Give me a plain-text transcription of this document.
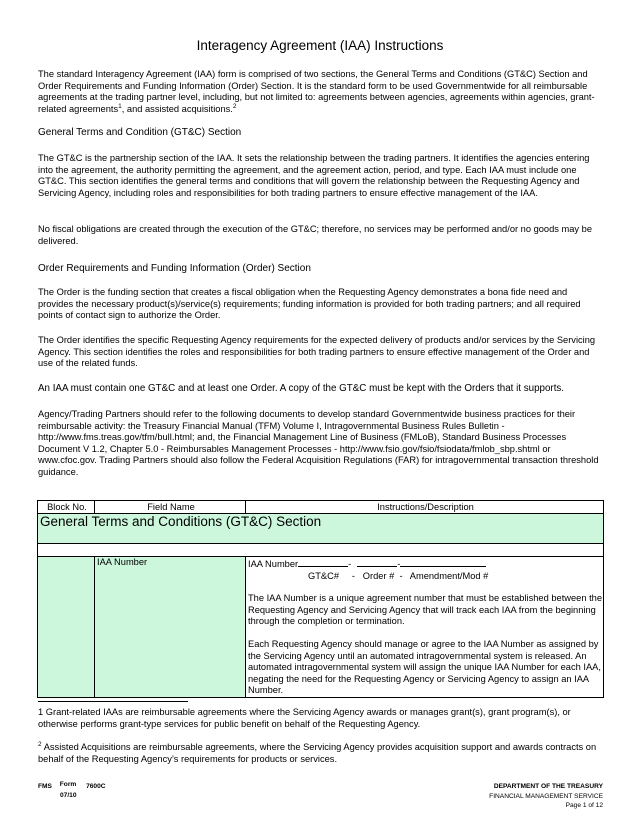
Interagency Agreement (IAA) Instructions
The standard Interagency Agreement (IAA) form is comprised of two sections, the General Terms and Conditions (GT&C) Section and Order Requirements and Funding Information (Order) Section. It is the standard form to be used Governmentwide for all reimbursable agreements at the trading partner level, including, but not limited to: agreements between agencies, agreements within agencies, grant-related agreements$^1$, and assisted acquisitions.$^2$
General Terms and Condition (GT&C) Section
The GT&C is the partnership section of the IAA. It sets the relationship between the trading partners. It identifies the agencies entering into the agreement, the authority permitting the agreement, and the agreement action, period, and type. Each IAA must include one GT&C. This section identifies the general terms and conditions that will govern the relationship between the Requesting Agency and Servicing Agency, including roles and responsibilities for both trading partners to ensure effective management of the IAA.
No fiscal obligations are created through the execution of the GT&C; therefore, no services may be performed and/or no goods may be delivered.
Order Requirements and Funding Information (Order) Section
The Order is the funding section that creates a fiscal obligation when the Requesting Agency demonstrates a bona fide need and provides the necessary product(s)/service(s) requirements; funding information is provided for both trading partners; and all required points of contact sign to authorize the Order.
The Order identifies the specific Requesting Agency requirements for the expected delivery of products and/or services by the Servicing Agency. This section identifies the roles and responsibilities for both trading partners to ensure effective management of the Order and use of the related funds.
An IAA must contain one GT&C and at least one Order. A copy of the GT&C must be kept with the Orders that it supports.
Agency/Trading Partners should refer to the following documents to develop standard Governmentwide business practices for their reimbursable activity: the Treasury Financial Manual (TFM) Volume I, Intragovernmental Business Rules Bulletin - http://www.fms.treas.gov/tfm/bull.html; and, the Financial Management Line of Business (FMLoB), Standard Business Processes Document V 1.2, Chapter 5.0 - Reimbursables Management Processes - http://www.fsio.gov/fsio/fsiodata/fmlob_sbp.shtml or www.cfoc.gov. Trading Partners should also follow the Federal Acquisition Regulations (FAR) for intragovernmental transaction threshold guidance.
Block No.	Field Name	Instructions/Description
General Terms and Conditions (GT&C) Section		

	IAA Number	IAA Number - -
GT&C#     -   Order #  -   Amendment/Mod #
The IAA Number is a unique agreement number that must be established between the Requesting Agency and Servicing Agency that will track each IAA from the beginning through the completion or termination.
Each Requesting Agency should manage or agree to the IAA Number as assigned by the Servicing Agency until an automated intragovernmental system is released. An automated intragovernmental system will assign the unique IAA Number for each IAA, negating the need for the Requesting Agency or Servicing Agency to assign an IAA Number.
1 Grant-related IAAs are reimbursable agreements where the Servicing Agency awards or manages grant(s), grant program(s), or otherwise performs grant-type services for public benefit on behalf of the Requesting Agency.
$^2$ Assisted Acquisitions are reimbursable agreements, where the Servicing Agency provides acquisition support and awards contracts on behalf of the Requesting Agency’s requirements for products or services.
FMS Form 7600C
07/10
DEPARTMENT OF THE TREASURY
FINANCIAL MANAGEMENT SERVICE
Page 1 of 12
